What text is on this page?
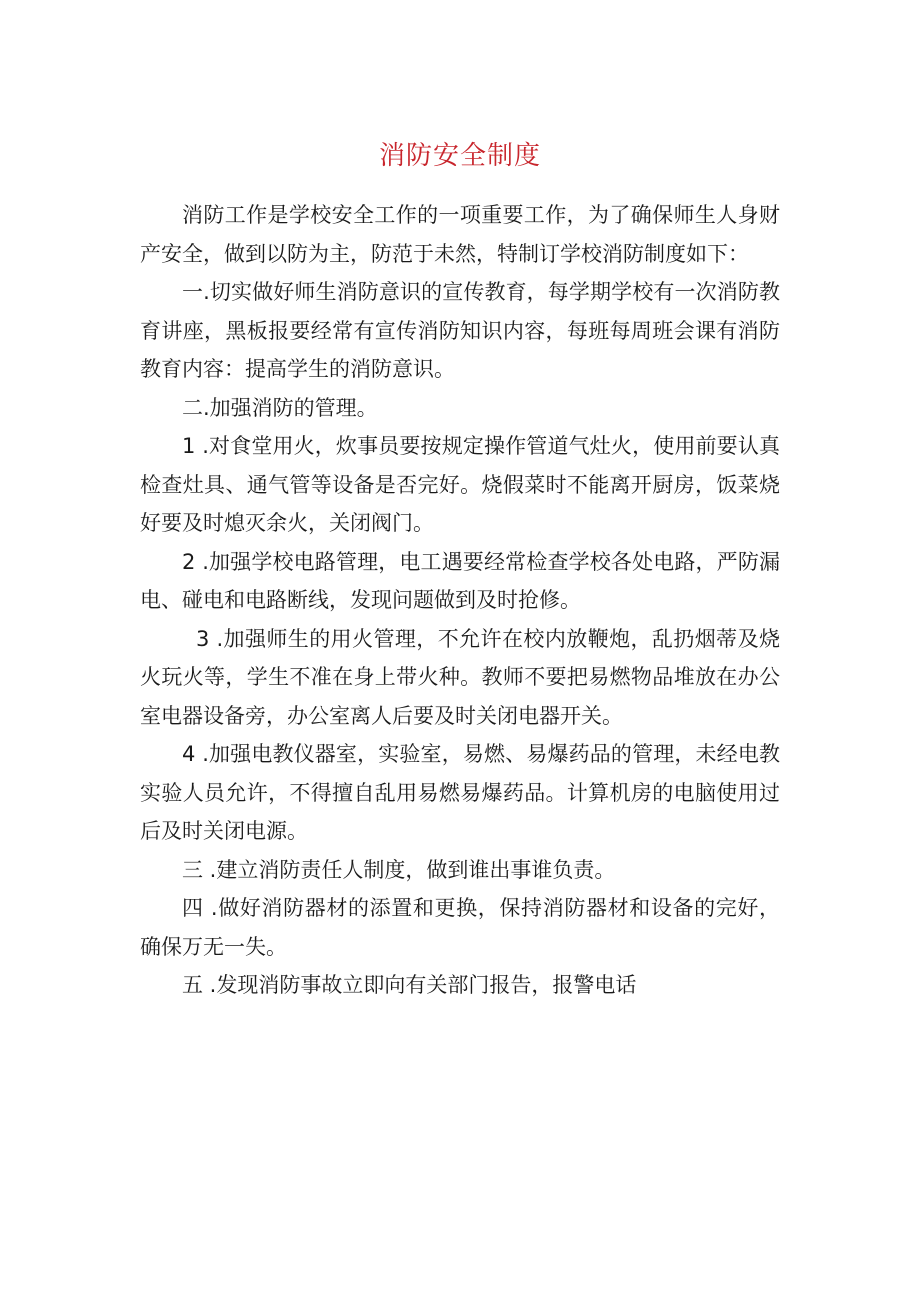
消防安全制度

消防工作是学校安全工作的一项重要工作，为了确保师生人身财产安全，做到以防为主，防范于未然，特制订学校消防制度如下：

一.切实做好师生消防意识的宣传教育，每学期学校有一次消防教育讲座，黑板报要经常有宣传消防知识内容，每班每周班会课有消防教育内容：提高学生的消防意识。

二.加强消防的管理。

1 .对食堂用火，炊事员要按规定操作管道气灶火，使用前要认真检查灶具、通气管等设备是否完好。烧假菜时不能离开厨房，饭菜烧好要及时熄灭余火，关闭阀门。

2 .加强学校电路管理，电工遇要经常检查学校各处电路，严防漏电、碰电和电路断线，发现问题做到及时抢修。

3 .加强师生的用火管理，不允许在校内放鞭炮，乱扔烟蒂及烧火玩火等，学生不准在身上带火种。教师不要把易燃物品堆放在办公室电器设备旁，办公室离人后要及时关闭电器开关。

4 .加强电教仪器室，实验室，易燃、易爆药品的管理，未经电教实验人员允许，不得擅自乱用易燃易爆药品。计算机房的电脑使用过后及时关闭电源。

三 .建立消防责任人制度，做到谁出事谁负责。

四 .做好消防器材的添置和更换，保持消防器材和设备的完好，确保万无一失。

五 .发现消防事故立即向有关部门报告，报警电话
